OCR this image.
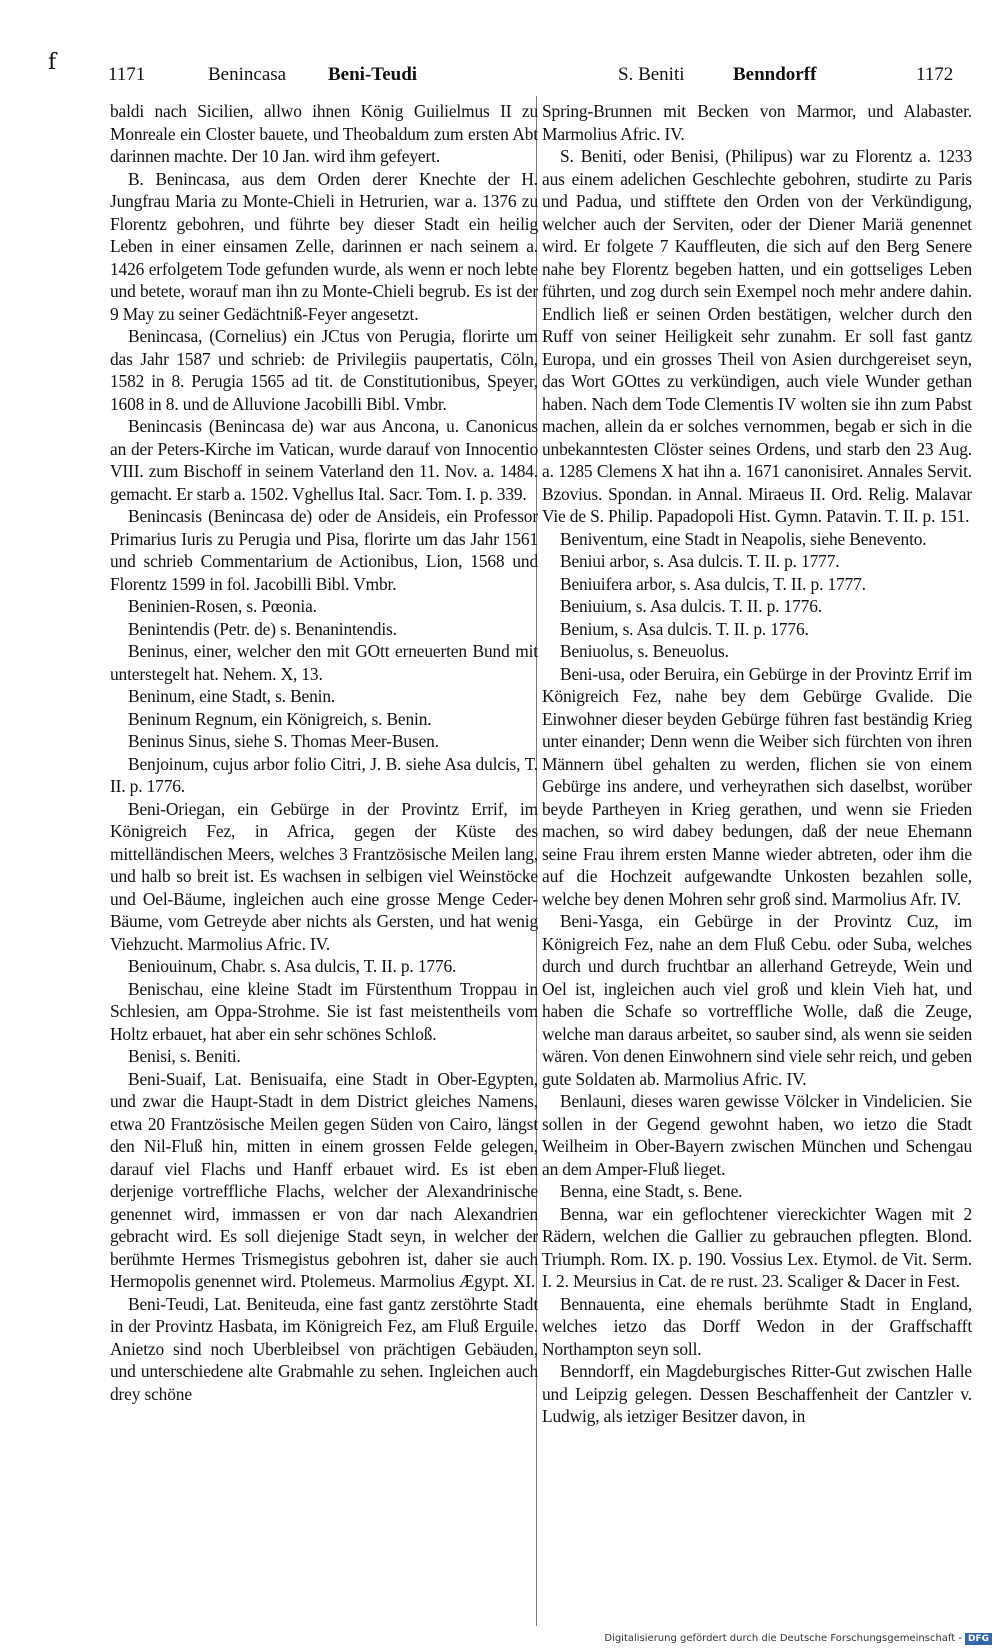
f	1171	Benincasa Beni-Teudi	S. Beniti	Benndorff	1172

baldi nach Sicilien, allwo ihnen König Guilielmus II zu Monreale ein Closter bauete, und Theobaldum zum ersten Abt darinnen machte. Der 10 Jan. wird ihm gefeyert.

B. Benincasa, aus dem Orden derer Knechte der H. Jungfrau Maria zu Monte-Chieli in Hetrurien, war a. 1376 zu Florentz gebohren, und führte bey dieser Stadt ein heilig Leben in einer einsamen Zelle, darinnen er nach seinem a. 1426 erfolgetem Tode gefunden wurde, als wenn er noch lebte und betete, worauf man ihn zu Monte-Chieli begrub. Es ist der 9 May zu seiner Gedächtniß-Feyer angesetzt.

Benincasa, (Cornelius) ein JCtus von Perugia, florirte um das Jahr 1587 und schrieb: de Privilegiis paupertatis, Cöln, 1582 in 8. Perugia 1565 ad tit. de Constitutionibus, Speyer, 1608 in 8. und de Alluvione Jacobilli Bibl. Vmbr.

Benincasis (Benincasa de) war aus Ancona, u. Canonicus an der Peters-Kirche im Vatican, wurde darauf von Innocentio VIII. zum Bischoff in seinem Vaterland den 11. Nov. a. 1484. gemacht. Er starb a. 1502. Vghellus Ital. Sacr. Tom. I. p. 339.

Benincasis (Benincasa de) oder de Ansideis, ein Professor Primarius Iuris zu Perugia und Pisa, florirte um das Jahr 1561 und schrieb Commentarium de Actionibus, Lion, 1568 und Florentz 1599 in fol. Jacobilli Bibl. Vmbr.

Beninien-Rosen, s. Pœonia.

Benintendis (Petr. de) s. Benanintendis.

Beninus, einer, welcher den mit GOtt erneuerten Bund mit unterstegelt hat. Nehem. X, 13.

Beninum, eine Stadt, s. Benin.

Beninum Regnum, ein Königreich, s. Benin.

Beninus Sinus, siehe S. Thomas Meer-Busen.

Benjoinum, cujus arbor folio Citri, J. B. siehe Asa dulcis, T. II. p. 1776.

Beni-Oriegan, ein Gebürge in der Provintz Errif, im Königreich Fez, in Africa, gegen der Küste des mittelländischen Meers, welches 3 Frantzösische Meilen lang, und halb so breit ist. Es wachsen in selbigen viel Weinstöcke und Oel-Bäume, ingleichen auch eine grosse Menge Ceder-Bäume, vom Getreyde aber nichts als Gersten, und hat wenig Viehzucht. Marmolius Afric. IV.

Beniouinum, Chabr. s. Asa dulcis, T. II. p. 1776.

Benischau, eine kleine Stadt im Fürstenthum Troppau in Schlesien, am Oppa-Strohme. Sie ist fast meistentheils vom Holtz erbauet, hat aber ein sehr schönes Schloß.

Benisi, s. Beniti.

Beni-Suaif, Lat. Benisuaifa, eine Stadt in Ober-Egypten, und zwar die Haupt-Stadt in dem District gleiches Namens, etwa 20 Frantzösische Meilen gegen Süden von Cairo, längst den Nil-Fluß hin, mitten in einem grossen Felde gelegen, darauf viel Flachs und Hanff erbauet wird. Es ist eben derjenige vortreffliche Flachs, welcher der Alexandrinische genennet wird, immassen er von dar nach Alexandrien gebracht wird. Es soll diejenige Stadt seyn, in welcher der berühmte Hermes Trismegistus gebohren ist, daher sie auch Hermopolis genennet wird. Ptolemeus. Marmolius Ægypt. XI.

Beni-Teudi, Lat. Beniteuda, eine fast gantz zerstöhrte Stadt in der Provintz Hasbata, im Königreich Fez, am Fluß Erguile. Anietzo sind noch Uberbleibsel von prächtigen Gebäuden, und unterschiedene alte Grabmahle zu sehen. Ingleichen auch drey schöne

Spring-Brunnen mit Becken von Marmor, und Alabaster. Marmolius Afric. IV.

S. Beniti, oder Benisi, (Philipus) war zu Florentz a. 1233 aus einem adelichen Geschlechte gebohren, studirte zu Paris und Padua, und stifftete den Orden von der Verkündigung, welcher auch der Serviten, oder der Diener Mariä genennet wird. Er folgete 7 Kauffleuten, die sich auf den Berg Senere nahe bey Florentz begeben hatten, und ein gottseliges Leben führten, und zog durch sein Exempel noch mehr andere dahin. Endlich ließ er seinen Orden bestätigen, welcher durch den Ruff von seiner Heiligkeit sehr zunahm. Er soll fast gantz Europa, und ein grosses Theil von Asien durchgereiset seyn, das Wort GOttes zu verkündigen, auch viele Wunder gethan haben. Nach dem Tode Clementis IV wolten sie ihn zum Pabst machen, allein da er solches vernommen, begab er sich in die unbekanntesten Clöster seines Ordens, und starb den 23 Aug. a. 1285 Clemens X hat ihn a. 1671 canonisiret. Annales Servit. Bzovius. Spondan. in Annal. Miraeus II. Ord. Relig. Malavar Vie de S. Philip. Papadopoli Hist. Gymn. Patavin. T. II. p. 151.

Beniventum, eine Stadt in Neapolis, siehe Benevento.

Beniui arbor, s. Asa dulcis. T. II. p. 1777.

Beniuifera arbor, s. Asa dulcis, T. II. p. 1777.

Beniuium, s. Asa dulcis. T. II. p. 1776.

Benium, s. Asa dulcis. T. II. p. 1776.

Beniuolus, s. Beneuolus.

Beni-usa, oder Beruira, ein Gebürge in der Provintz Errif im Königreich Fez, nahe bey dem Gebürge Gvalide. Die Einwohner dieser beyden Gebürge führen fast beständig Krieg unter einander; Denn wenn die Weiber sich fürchten von ihren Männern übel gehalten zu werden, flichen sie von einem Gebürge ins andere, und verheyrathen sich daselbst, worüber beyde Partheyen in Krieg gerathen, und wenn sie Frieden machen, so wird dabey bedungen, daß der neue Ehemann seine Frau ihrem ersten Manne wieder abtreten, oder ihm die auf die Hochzeit aufgewandte Unkosten bezahlen solle, welche bey denen Mohren sehr groß sind. Marmolius Afr. IV.

Beni-Yasga, ein Gebürge in der Provintz Cuz, im Königreich Fez, nahe an dem Fluß Cebu. oder Suba, welches durch und durch fruchtbar an allerhand Getreyde, Wein und Oel ist, ingleichen auch viel groß und klein Vieh hat, und haben die Schafe so vortreffliche Wolle, daß die Zeuge, welche man daraus arbeitet, so sauber sind, als wenn sie seiden wären. Von denen Einwohnern sind viele sehr reich, und geben gute Soldaten ab. Marmolius Afric. IV.

Benlauni, dieses waren gewisse Völcker in Vindelicien. Sie sollen in der Gegend gewohnt haben, wo ietzo die Stadt Weilheim in Ober-Bayern zwischen München und Schengau an dem Amper-Fluß lieget.

Benna, eine Stadt, s. Bene.

Benna, war ein geflochtener viereckichter Wagen mit 2 Rädern, welchen die Gallier zu gebrauchen pflegten. Blond. Triumph. Rom. IX. p. 190. Vossius Lex. Etymol. de Vit. Serm. I. 2. Meursius in Cat. de re rust. 23. Scaliger & Dacer in Fest.

Bennauenta, eine ehemals berühmte Stadt in England, welches ietzo das Dorff Wedon in der Graffschafft Northampton seyn soll.

Benndorff, ein Magdeburgisches Ritter-Gut zwischen Halle und Leipzig gelegen. Dessen Beschaffenheit der Cantzler v. Ludwig, als ietziger Besitzer davon, in

Digitalisierung gefördert durch die Deutsche Forschungsgemeinschaft - DFG
